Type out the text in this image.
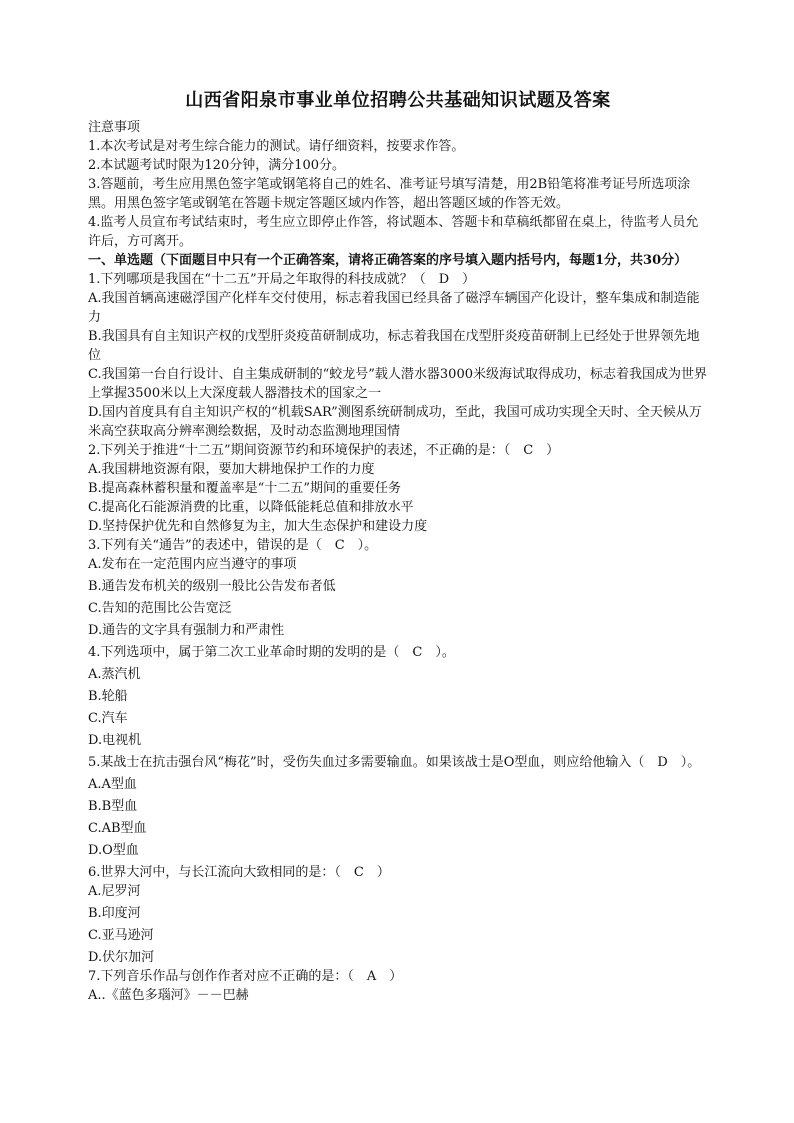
山西省阳泉市事业单位招聘公共基础知识试题及答案

注意事项

1.本次考试是对考生综合能力的测试。请仔细资料，按要求作答。

2.本试题考试时限为120分钟，满分100分。

3.答题前，考生应用黑色签字笔或钢笔将自己的姓名、准考证号填写清楚，用2B铅笔将准考证号所选项涂黑。用黑色签字笔或钢笔在答题卡规定答题区域内作答，超出答题区域的作答无效。

4.监考人员宣布考试结束时，考生应立即停止作答，将试题本、答题卡和草稿纸都留在桌上，待监考人员允许后，方可离开。

一、单选题（下面题目中只有一个正确答案，请将正确答案的序号填入题内括号内，每题1分，共30分）

1.下列哪项是我国在“十二五”开局之年取得的科技成就？（　D　）

A.我国首辆高速磁浮国产化样车交付使用，标志着我国已经具备了磁浮车辆国产化设计，整车集成和制造能力

B.我国具有自主知识产权的戊型肝炎疫苗研制成功，标志着我国在戊型肝炎疫苗研制上已经处于世界领先地位

C.我国第一台自行设计、自主集成研制的“蛟龙号”载人潜水器3000米级海试取得成功，标志着我国成为世界上掌握3500米以上大深度载人器潜技术的国家之一

D.国内首度具有自主知识产权的“机载SAR”测图系统研制成功，至此，我国可成功实现全天时、全天候从万米高空获取高分辨率测绘数据，及时动态监测地理国情

2.下列关于推进“十二五”期间资源节约和环境保护的表述，不正确的是：（　C　）

A.我国耕地资源有限，要加大耕地保护工作的力度

B.提高森林蓄积量和覆盖率是“十二五”期间的重要任务

C.提高化石能源消费的比重，以降低能耗总值和排放水平

D.坚持保护优先和自然修复为主，加大生态保护和建设力度

3.下列有关“通告”的表述中，错误的是（　C　）。

A.发布在一定范围内应当遵守的事项

B.通告发布机关的级别一般比公告发布者低

C.告知的范围比公告宽泛

D.通告的文字具有强制力和严肃性

4.下列选项中，属于第二次工业革命时期的发明的是（　C　）。

A.蒸汽机

B.轮船

C.汽车

D.电视机

5.某战士在抗击强台风“梅花”时，受伤失血过多需要输血。如果该战士是O型血，则应给他输入（　D　）。

A.A型血

B.B型血

C.AB型血

D.O型血

6.世界大河中，与长江流向大致相同的是：（　C　）

A.尼罗河

B.印度河

C.亚马逊河

D.伏尔加河

7.下列音乐作品与创作作者对应不正确的是：（　A　）

A..《蓝色多瑙河》－－巴赫
